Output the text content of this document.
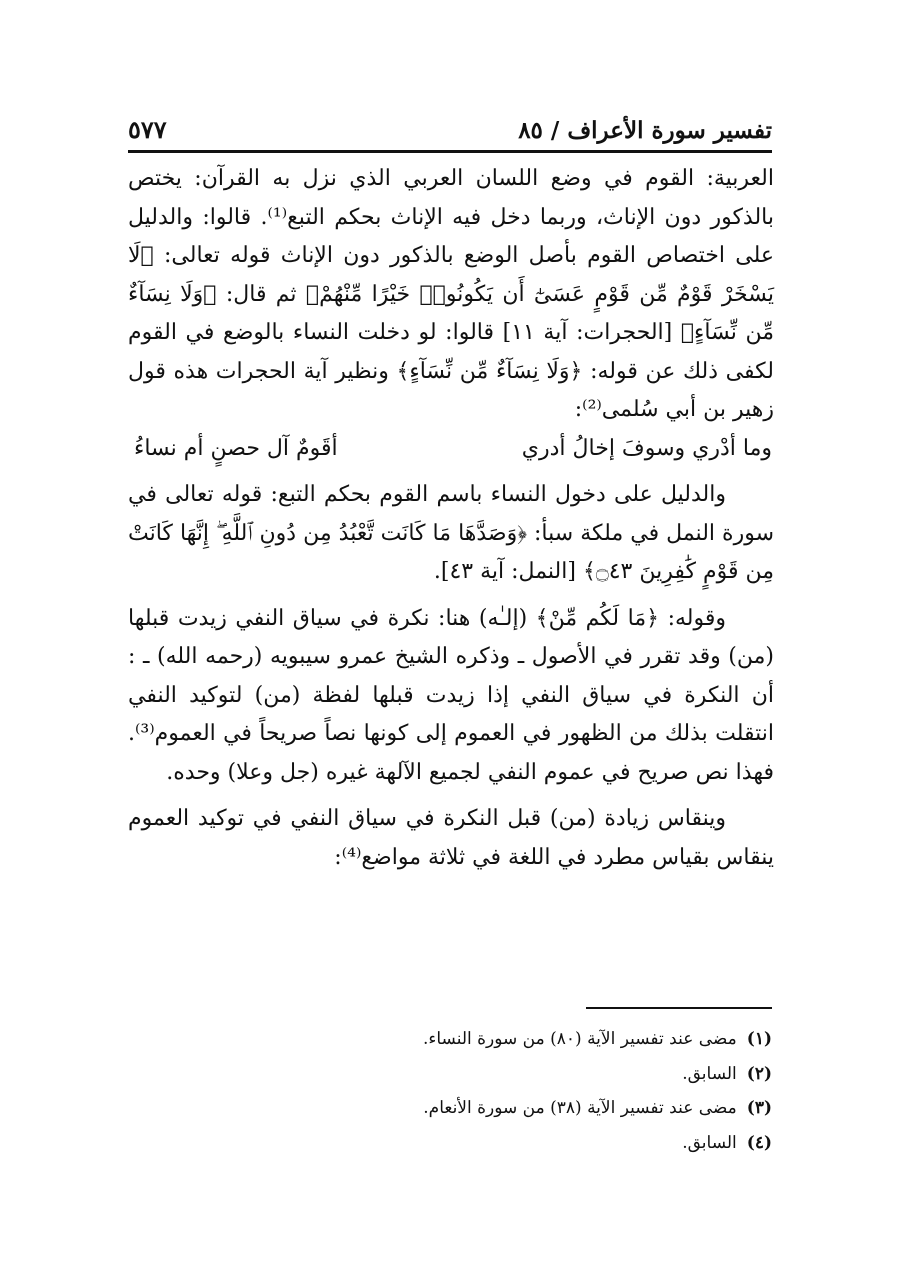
تفسير سورة الأعراف / ٨٥
٥٧٧

العربية: القوم في وضع اللسان العربي الذي نزل به القرآن: يختص بالذكور دون الإناث، وربما دخل فيه الإناث بحكم التبع⁽¹⁾. قالوا: والدليل على اختصاص القوم بأصل الوضع بالذكور دون الإناث قوله تعالى: ﴿لَا يَسْخَرْ قَوْمٌ مِّن قَوْمٍ عَسَىٰٓ أَن يَكُونُوا۟ خَيْرًا مِّنْهُمْ﴾ ثم قال: ﴿وَلَا نِسَآءٌ مِّن نِّسَآءٍ﴾ [الحجرات: آية ١١] قالوا: لو دخلت النساء بالوضع في القوم لكفى ذلك عن قوله: ﴿وَلَا نِسَآءٌ مِّن نِّسَآءٍ﴾ ونظير آية الحجرات هذه قول زهير بن أبي سُلمى⁽²⁾:

وما أدْري وسوفَ إخالُ أدري
أقَومٌ آل حصنٍ أم نساءُ

والدليل على دخول النساء باسم القوم بحكم التبع: قوله تعالى في سورة النمل في ملكة سبأ: ﴿وَصَدَّهَا مَا كَانَت تَّعْبُدُ مِن دُونِ ٱللَّهِ ۖ إِنَّهَا كَانَتْ مِن قَوْمٍ كَٰفِرِينَ ۝٤٣﴾ [النمل: آية ٤٣].

وقوله: ﴿مَا لَكُم مِّنْ﴾ (إلـٰه) هنا: نكرة في سياق النفي زيدت قبلها (من) وقد تقرر في الأصول ـ وذكره الشيخ عمرو سيبويه (رحمه الله) ـ : أن النكرة في سياق النفي إذا زيدت قبلها لفظة (من) لتوكيد النفي انتقلت بذلك من الظهور في العموم إلى كونها نصاً صريحاً في العموم⁽³⁾. فهذا نص صريح في عموم النفي لجميع الآلهة غيره (جل وعلا) وحده.

وينقاس زيادة (من) قبل النكرة في سياق النفي في توكيد العموم ينقاس بقياس مطرد في اللغة في ثلاثة مواضع⁽⁴⁾:

(١)
مضى عند تفسير الآية (٨٠) من سورة النساء.
(٢)
السابق.
(٣)
مضى عند تفسير الآية (٣٨) من سورة الأنعام.
(٤)
السابق.
